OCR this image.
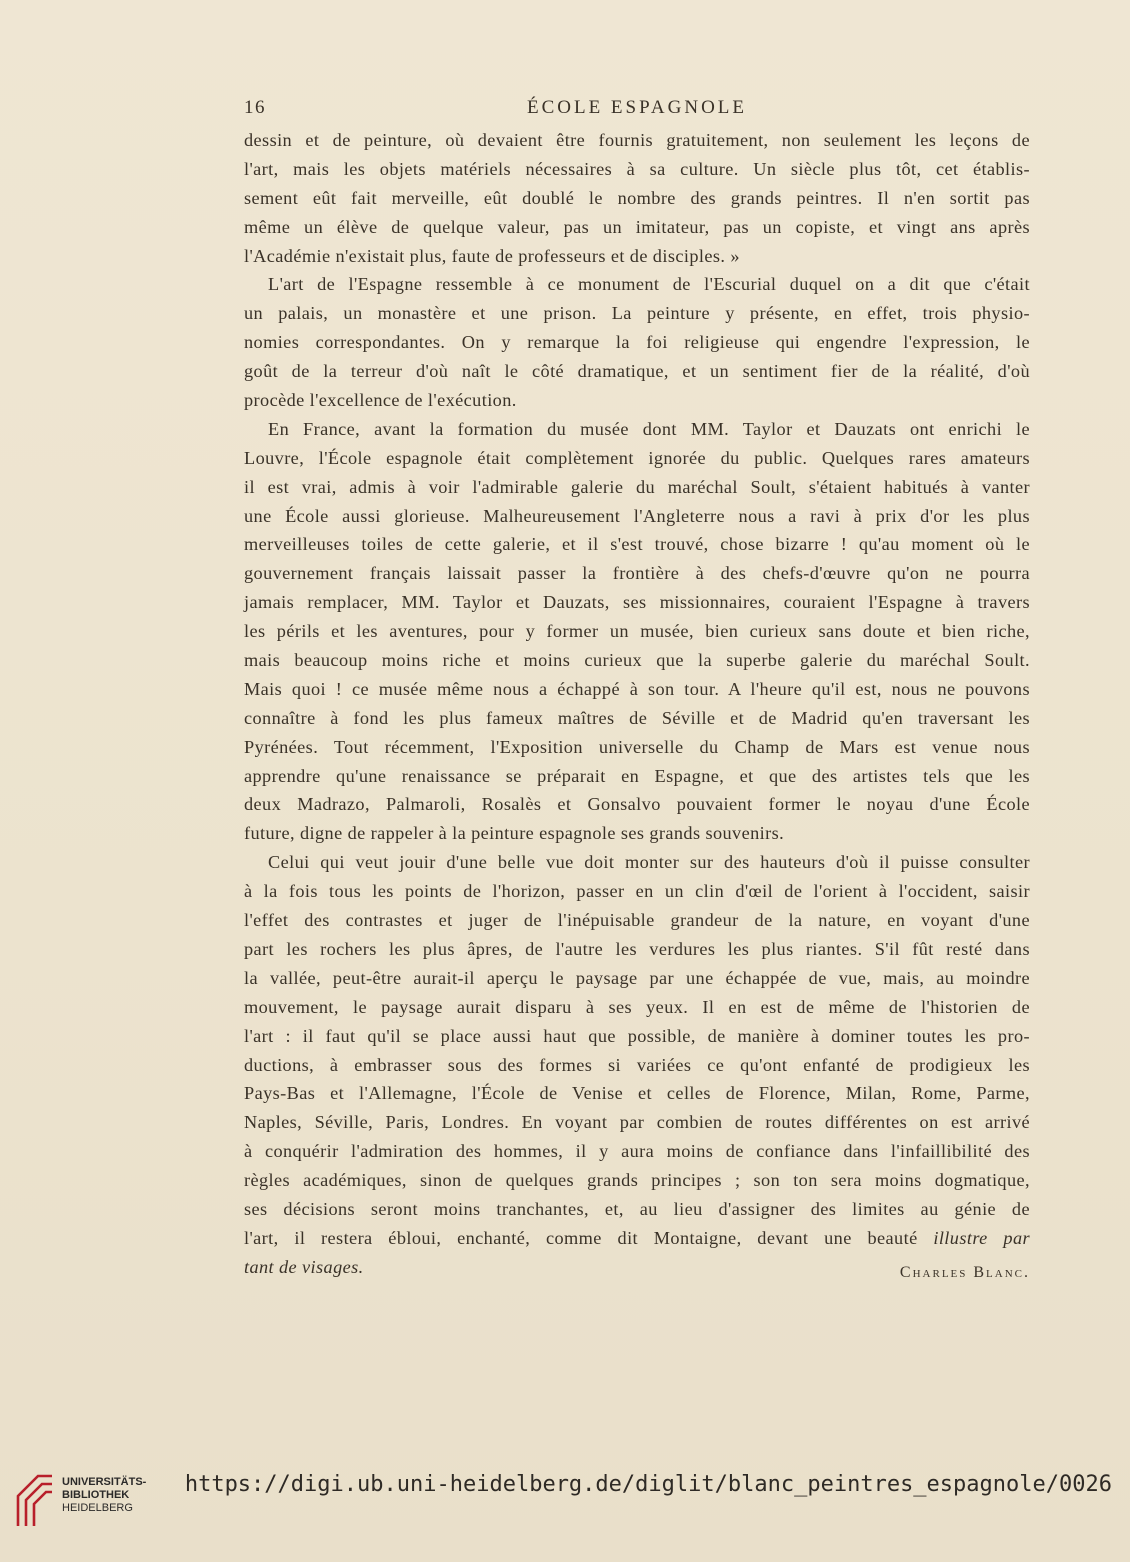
16	ÉCOLE ESPAGNOLE
dessin et de peinture, où devaient être fournis gratuitement, non seulement les leçons de
l'art, mais les objets matériels nécessaires à sa culture. Un siècle plus tôt, cet établis-
sement eût fait merveille, eût doublé le nombre des grands peintres. Il n'en sortit pas
même un élève de quelque valeur, pas un imitateur, pas un copiste, et vingt ans après
l'Académie n'existait plus, faute de professeurs et de disciples. »
L'art de l'Espagne ressemble à ce monument de l'Escurial duquel on a dit que c'était
un palais, un monastère et une prison. La peinture y présente, en effet, trois physio-
nomies correspondantes. On y remarque la foi religieuse qui engendre l'expression, le
goût de la terreur d'où naît le côté dramatique, et un sentiment fier de la réalité, d'où
procède l'excellence de l'exécution.
En France, avant la formation du musée dont MM. Taylor et Dauzats ont enrichi le
Louvre, l'École espagnole était complètement ignorée du public. Quelques rares amateurs
il est vrai, admis à voir l'admirable galerie du maréchal Soult, s'étaient habitués à vanter
une École aussi glorieuse. Malheureusement l'Angleterre nous a ravi à prix d'or les plus
merveilleuses toiles de cette galerie, et il s'est trouvé, chose bizarre ! qu'au moment où le
gouvernement français laissait passer la frontière à des chefs-d'œuvre qu'on ne pourra
jamais remplacer, MM. Taylor et Dauzats, ses missionnaires, couraient l'Espagne à travers
les périls et les aventures, pour y former un musée, bien curieux sans doute et bien riche,
mais beaucoup moins riche et moins curieux que la superbe galerie du maréchal Soult.
Mais quoi ! ce musée même nous a échappé à son tour. A l'heure qu'il est, nous ne pouvons
connaître à fond les plus fameux maîtres de Séville et de Madrid qu'en traversant les
Pyrénées. Tout récemment, l'Exposition universelle du Champ de Mars est venue nous
apprendre qu'une renaissance se préparait en Espagne, et que des artistes tels que les
deux Madrazo, Palmaroli, Rosalès et Gonsalvo pouvaient former le noyau d'une École
future, digne de rappeler à la peinture espagnole ses grands souvenirs.
Celui qui veut jouir d'une belle vue doit monter sur des hauteurs d'où il puisse consulter
à la fois tous les points de l'horizon, passer en un clin d'œil de l'orient à l'occident, saisir
l'effet des contrastes et juger de l'inépuisable grandeur de la nature, en voyant d'une
part les rochers les plus âpres, de l'autre les verdures les plus riantes. S'il fût resté dans
la vallée, peut-être aurait-il aperçu le paysage par une échappée de vue, mais, au moindre
mouvement, le paysage aurait disparu à ses yeux. Il en est de même de l'historien de
l'art : il faut qu'il se place aussi haut que possible, de manière à dominer toutes les pro-
ductions, à embrasser sous des formes si variées ce qu'ont enfanté de prodigieux les
Pays-Bas et l'Allemagne, l'École de Venise et celles de Florence, Milan, Rome, Parme,
Naples, Séville, Paris, Londres. En voyant par combien de routes différentes on est arrivé
à conquérir l'admiration des hommes, il y aura moins de confiance dans l'infaillibilité des
règles académiques, sinon de quelques grands principes ; son ton sera moins dogmatique,
ses décisions seront moins tranchantes, et, au lieu d'assigner des limites au génie de
l'art, il restera ébloui, enchanté, comme dit Montaigne, devant une beauté illustre par
tant de visages.	Charles Blanc.
UNIVERSITÄTS-
BIBLIOTHEK
HEIDELBERG
https://digi.ub.uni-heidelberg.de/diglit/blanc_peintres_espagnole/0026
